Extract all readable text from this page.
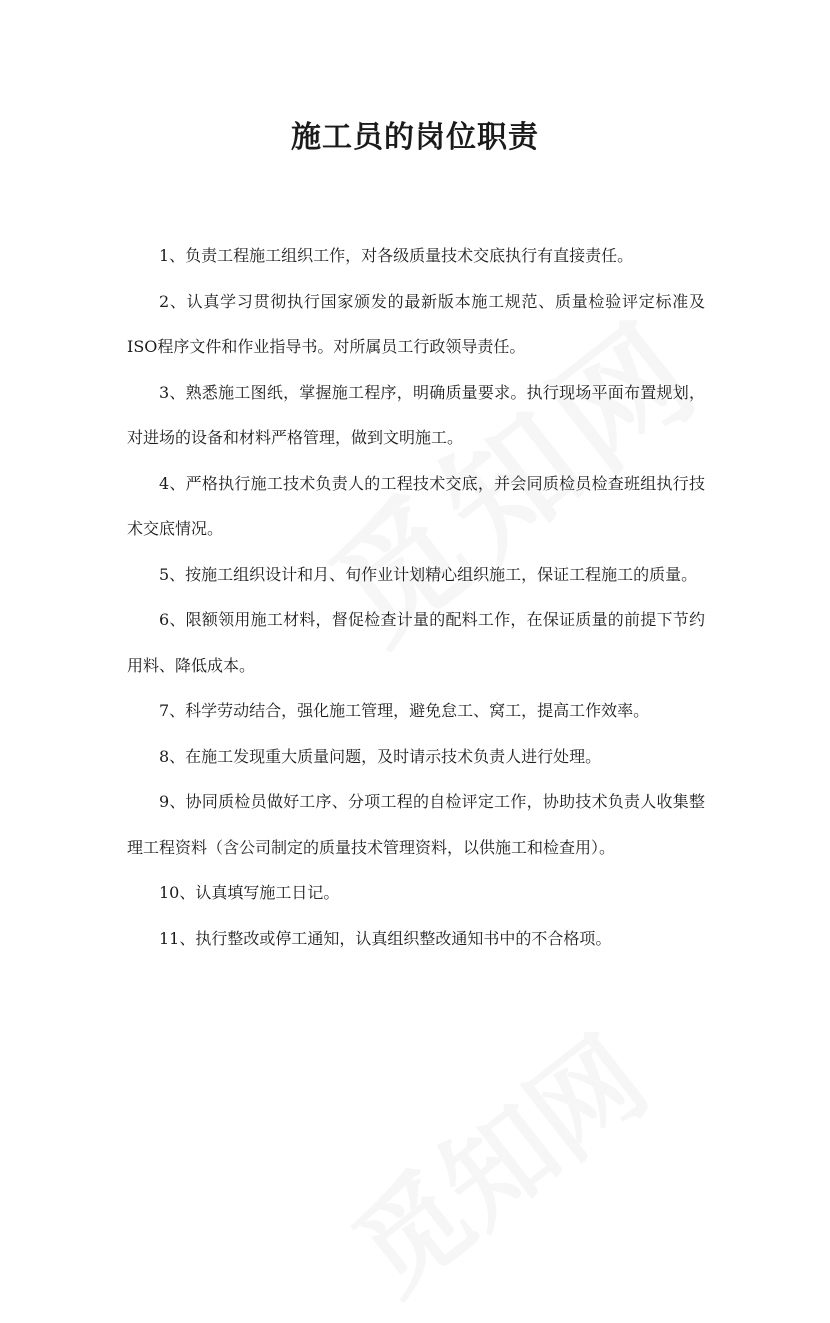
施工员的岗位职责

1、负责工程施工组织工作，对各级质量技术交底执行有直接责任。

2、认真学习贯彻执行国家颁发的最新版本施工规范、质量检验评定标准及ISO程序文件和作业指导书。对所属员工行政领导责任。

3、熟悉施工图纸，掌握施工程序，明确质量要求。执行现场平面布置规划，对进场的设备和材料严格管理，做到文明施工。

4、严格执行施工技术负责人的工程技术交底，并会同质检员检查班组执行技术交底情况。

5、按施工组织设计和月、旬作业计划精心组织施工，保证工程施工的质量。

6、限额领用施工材料，督促检查计量的配料工作，在保证质量的前提下节约用料、降低成本。

7、科学劳动结合，强化施工管理，避免怠工、窝工，提高工作效率。

8、在施工发现重大质量问题，及时请示技术负责人进行处理。

9、协同质检员做好工序、分项工程的自检评定工作，协助技术负责人收集整理工程资料（含公司制定的质量技术管理资料，以供施工和检查用）。

10、认真填写施工日记。

11、执行整改或停工通知，认真组织整改通知书中的不合格项。
